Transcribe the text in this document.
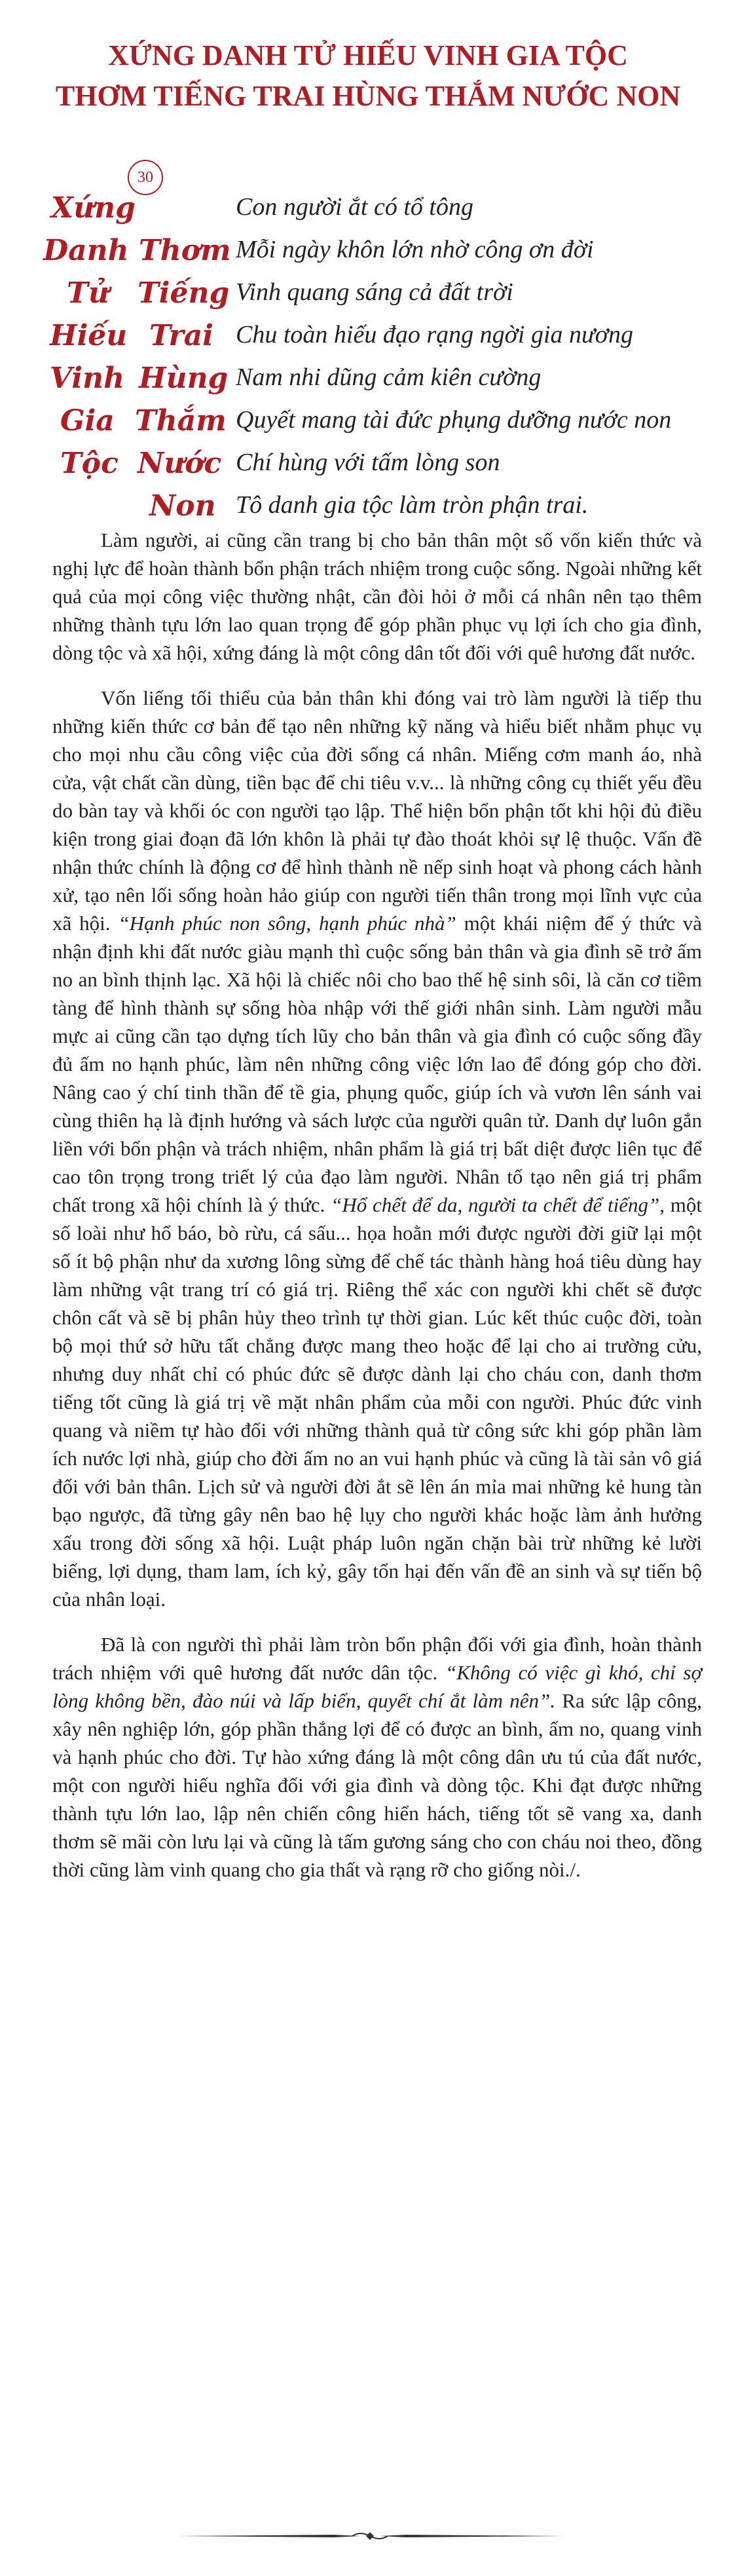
XỨNG DANH TỬ HIẾU VINH GIA TỘC
THƠM TIẾNG TRAI HÙNG THẮM NƯỚC NON
30
Xứng
Danh
Tử
Hiếu
Vinh
Gia
Tộc
Thơm
Tiếng
Trai
Hùng
Thắm
Nước
Non
Con người ắt có tổ tông
Mỗi ngày khôn lớn nhờ công ơn đời
Vinh quang sáng cả đất trời
Chu toàn hiếu đạo rạng ngời gia nương
Nam nhi dũng cảm kiên cường
Quyết mang tài đức phụng dưỡng nước non
Chí hùng với tấm lòng son
Tô danh gia tộc làm tròn phận trai.

Làm người, ai cũng cần trang bị cho bản thân một số vốn kiến thức và nghị lực để hoàn thành bổn phận trách nhiệm trong cuộc sống. Ngoài những kết quả của mọi công việc thường nhật, cần đòi hỏi ở mỗi cá nhân nên tạo thêm những thành tựu lớn lao quan trọng để góp phần phục vụ lợi ích cho gia đình, dòng tộc và xã hội, xứng đáng là một công dân tốt đối với quê hương đất nước.

Vốn liếng tối thiểu của bản thân khi đóng vai trò làm người là tiếp thu những kiến thức cơ bản để tạo nên những kỹ năng và hiểu biết nhằm phục vụ cho mọi nhu cầu công việc của đời sống cá nhân. Miếng cơm manh áo, nhà cửa, vật chất cần dùng, tiền bạc để chi tiêu v.v... là những công cụ thiết yếu đều do bàn tay và khối óc con người tạo lập. Thể hiện bổn phận tốt khi hội đủ điều kiện trong giai đoạn đã lớn khôn là phải tự đào thoát khỏi sự lệ thuộc. Vấn đề nhận thức chính là động cơ để hình thành nề nếp sinh hoạt và phong cách hành xử, tạo nên lối sống hoàn hảo giúp con người tiến thân trong mọi lĩnh vực của xã hội. “Hạnh phúc non sông, hạnh phúc nhà” một khái niệm để ý thức và nhận định khi đất nước giàu mạnh thì cuộc sống bản thân và gia đình sẽ trở ấm no an bình thịnh lạc. Xã hội là chiếc nôi cho bao thế hệ sinh sôi, là căn cơ tiềm tàng để hình thành sự sống hòa nhập với thế giới nhân sinh. Làm người mẫu mực ai cũng cần tạo dựng tích lũy cho bản thân và gia đình có cuộc sống đầy đủ ấm no hạnh phúc, làm nên những công việc lớn lao để đóng góp cho đời. Nâng cao ý chí tinh thần để tề gia, phụng quốc, giúp ích và vươn lên sánh vai cùng thiên hạ là định hướng và sách lược của người quân tử. Danh dự luôn gắn liền với bổn phận và trách nhiệm, nhân phẩm là giá trị bất diệt được liên tục để cao tôn trọng trong triết lý của đạo làm người. Nhân tố tạo nên giá trị phẩm chất trong xã hội chính là ý thức. “Hổ chết để da, người ta chết để tiếng”, một số loài như hổ báo, bò rừu, cá sấu... họa hoằn mới được người đời giữ lại một số ít bộ phận như da xương lông sừng để chế tác thành hàng hoá tiêu dùng hay làm những vật trang trí có giá trị. Riêng thể xác con người khi chết sẽ được chôn cất và sẽ bị phân hủy theo trình tự thời gian. Lúc kết thúc cuộc đời, toàn bộ mọi thứ sở hữu tất chẳng được mang theo hoặc để lại cho ai trường cửu, nhưng duy nhất chỉ có phúc đức sẽ được dành lại cho cháu con, danh thơm tiếng tốt cũng là giá trị về mặt nhân phẩm của mỗi con người. Phúc đức vinh quang và niềm tự hào đối với những thành quả từ công sức khi góp phần làm ích nước lợi nhà, giúp cho đời ấm no an vui hạnh phúc và cũng là tài sản vô giá đối với bản thân. Lịch sử và người đời ắt sẽ lên án mỉa mai những kẻ hung tàn bạo ngược, đã từng gây nên bao hệ lụy cho người khác hoặc làm ảnh hưởng xấu trong đời sống xã hội. Luật pháp luôn ngăn chặn bài trừ những kẻ lười biếng, lợi dụng, tham lam, ích kỷ, gây tổn hại đến vấn đề an sinh và sự tiến bộ của nhân loại.

Đã là con người thì phải làm tròn bổn phận đối với gia đình, hoàn thành trách nhiệm với quê hương đất nước dân tộc. “Không có việc gì khó, chỉ sợ lòng không bền, đào núi và lấp biển, quyết chí ắt làm nên”. Ra sức lập công, xây nên nghiệp lớn, góp phần thắng lợi để có được an bình, ấm no, quang vinh và hạnh phúc cho đời. Tự hào xứng đáng là một công dân ưu tú của đất nước, một con người hiếu nghĩa đối với gia đình và dòng tộc. Khi đạt được những thành tựu lớn lao, lập nên chiến công hiển hách, tiếng tốt sẽ vang xa, danh thơm sẽ mãi còn lưu lại và cũng là tấm gương sáng cho con cháu noi theo, đồng thời cũng làm vinh quang cho gia thất và rạng rỡ cho giống nòi./.
